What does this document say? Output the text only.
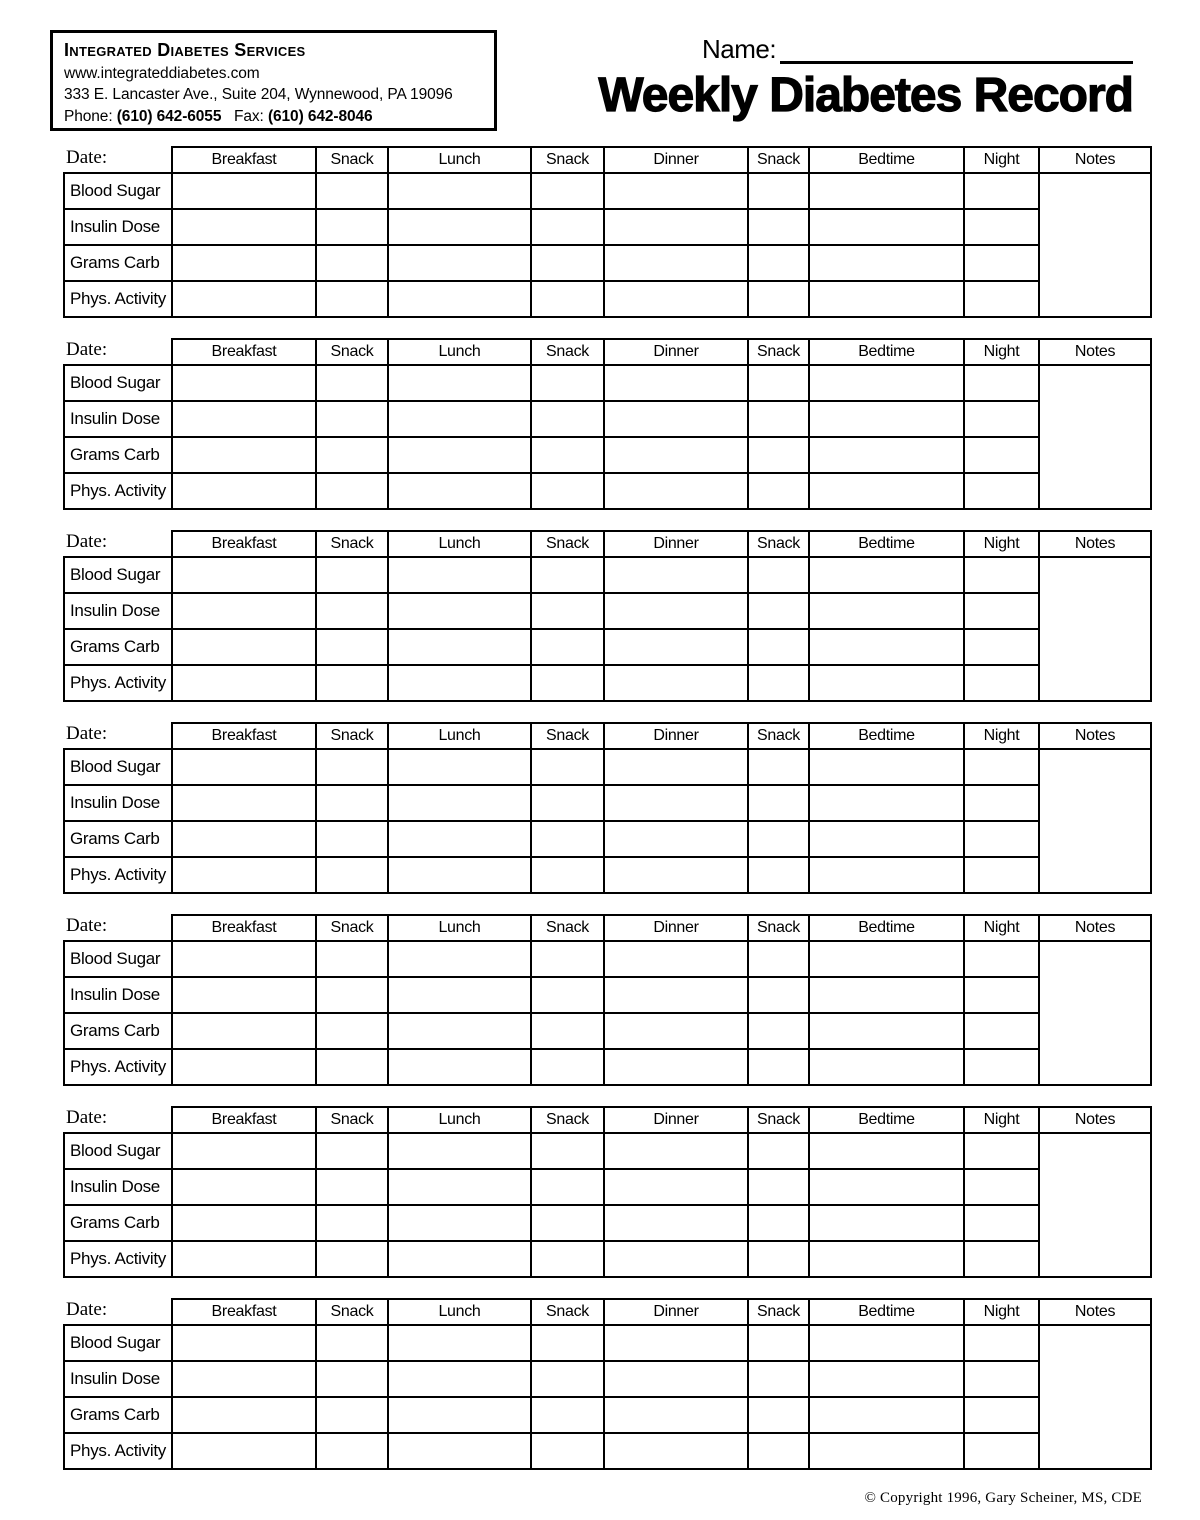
Integrated Diabetes Services
www.integrateddiabetes.com
333 E. Lancaster Ave., Suite 204, Wynnewood, PA 19096
Phone: (610) 642-6055 Fax: (610) 642-8046
Name:
Weekly Diabetes Record
Date:	Breakfast	Snack	Lunch	Snack	Dinner	Snack	Bedtime	Night	Notes
Blood Sugar									
Insulin Dose									
Grams Carb									
Phys. Activity									
Date:	Breakfast	Snack	Lunch	Snack	Dinner	Snack	Bedtime	Night	Notes
Blood Sugar									
Insulin Dose									
Grams Carb									
Phys. Activity									
Date:	Breakfast	Snack	Lunch	Snack	Dinner	Snack	Bedtime	Night	Notes
Blood Sugar									
Insulin Dose									
Grams Carb									
Phys. Activity									
Date:	Breakfast	Snack	Lunch	Snack	Dinner	Snack	Bedtime	Night	Notes
Blood Sugar									
Insulin Dose									
Grams Carb									
Phys. Activity									
Date:	Breakfast	Snack	Lunch	Snack	Dinner	Snack	Bedtime	Night	Notes
Blood Sugar									
Insulin Dose									
Grams Carb									
Phys. Activity									
Date:	Breakfast	Snack	Lunch	Snack	Dinner	Snack	Bedtime	Night	Notes
Blood Sugar									
Insulin Dose									
Grams Carb									
Phys. Activity									
Date:	Breakfast	Snack	Lunch	Snack	Dinner	Snack	Bedtime	Night	Notes
Blood Sugar									
Insulin Dose									
Grams Carb									
Phys. Activity									
© Copyright 1996, Gary Scheiner, MS, CDE
